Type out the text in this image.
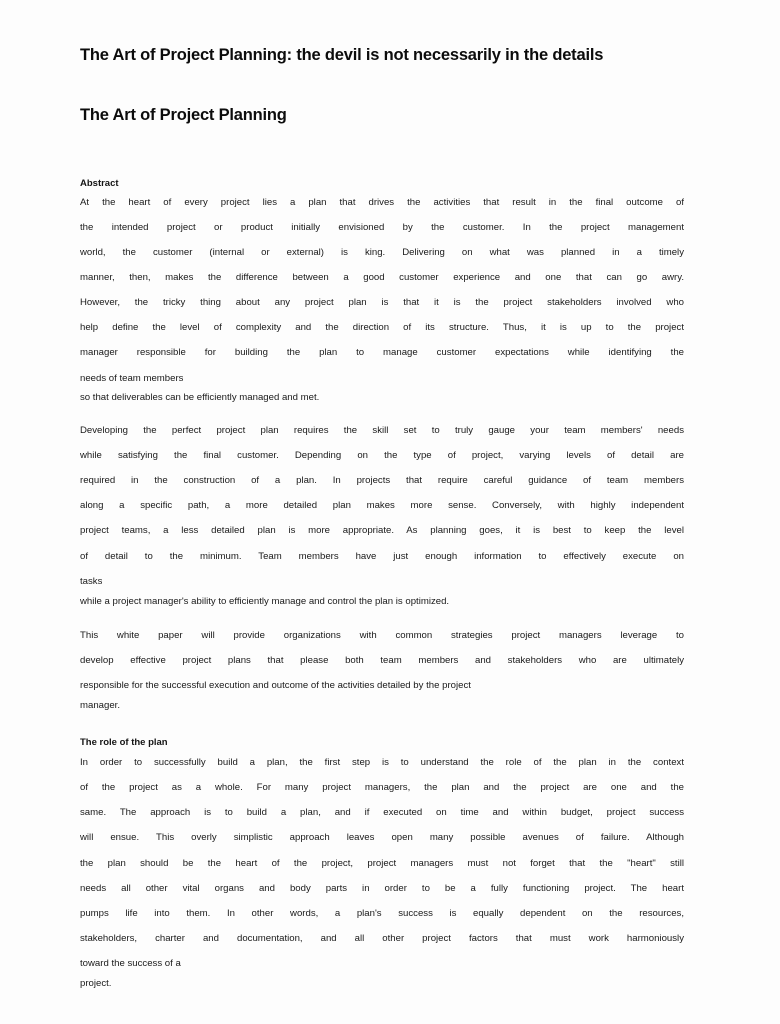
The Art of Project Planning: the devil is not necessarily in the details
The Art of Project Planning
Abstract
At the heart of every project lies a plan that drives the activities that result in the final outcome of
the intended project or product initially envisioned by the customer. In the project management
world, the customer (internal or external) is king. Delivering on what was planned in a timely
manner, then, makes the difference between a good customer experience and one that can go awry.
However, the tricky thing about any project plan is that it is the project stakeholders involved who
help define the level of complexity and the direction of its structure. Thus, it is up to the project
manager responsible for building the plan to manage customer expectations while identifying the
needs of team members
so that deliverables can be efficiently managed and met.
Developing the perfect project plan requires the skill set to truly gauge your team members' needs
while satisfying the final customer. Depending on the type of project, varying levels of detail are
required in the construction of a plan. In projects that require careful guidance of team members
along a specific path, a more detailed plan makes more sense. Conversely, with highly independent
project teams, a less detailed plan is more appropriate. As planning goes, it is best to keep the level
of detail to the minimum. Team members have just enough information to effectively execute on
tasks
while a project manager's ability to efficiently manage and control the plan is optimized.
This white paper will provide organizations with common strategies project managers leverage to
develop effective project plans that please both team members and stakeholders who are ultimately
responsible for the successful execution and outcome of the activities detailed by the project
manager.
The role of the plan
In order to successfully build a plan, the first step is to understand the role of the plan in the context
of the project as a whole. For many project managers, the plan and the project are one and the
same. The approach is to build a plan, and if executed on time and within budget, project success
will ensue. This overly simplistic approach leaves open many possible avenues of failure. Although
the plan should be the heart of the project, project managers must not forget that the "heart" still
needs all other vital organs and body parts in order to be a fully functioning project. The heart
pumps life into them. In other words, a plan's success is equally dependent on the resources,
stakeholders, charter and documentation, and all other project factors that must work harmoniously
toward the success of a
project.
